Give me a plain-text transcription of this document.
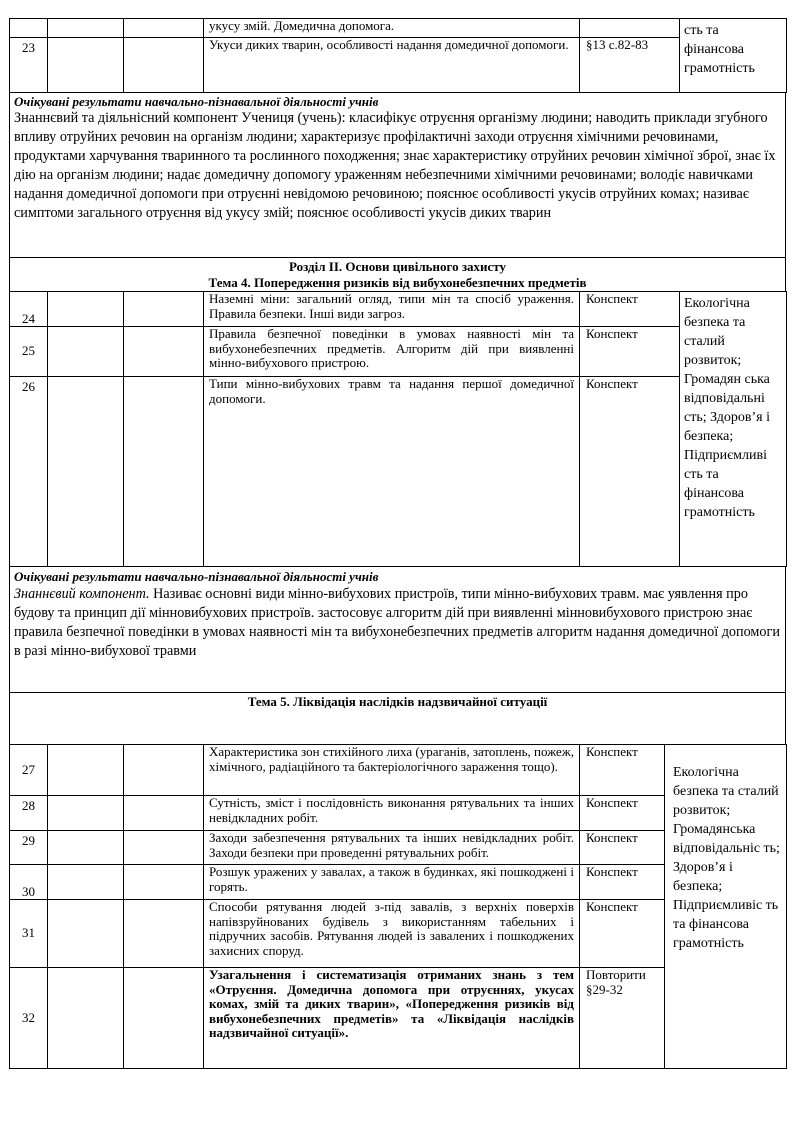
			укусу змій. Домедична допомога.		сть та фінансова грамотність
23			Укуси диких тварин, особливості надання домедичної допомоги.	§13 с.82-83	
Очікувані результати навчально-пізнавальної діяльності учнів
Знаннєвий та діяльнісний компонент Учениця (учень): класифікує отруєння організму людини; наводить приклади згубного впливу отруйних речовин на організм людини; характеризує профілактичні заходи отруєння хімічними речовинами, продуктами харчування тваринного та рослинного походження; знає характеристику отруйних речовин хімічної зброї, знає їх дію на організм людини; надає домедичну допомогу ураженням небезпечними хімічними речовинами; володіє навичками надання домедичної допомоги при отруєнні невідомою речовиною; пояснює особливості укусів отруйних комах; називає симптоми загального отруєння від укусу змій; пояснює особливості укусів диких тварин
Розділ II. Основи цивільного захисту
Тема 4. Попередження ризиків від вибухонебезпечних предметів
24			Наземні міни: загальний огляд, типи мін та спосіб ураження. Правила безпеки. Інші види загроз.	Конспект	Екологічна безпека та сталий розвиток; Громадян ська відповідальні сть; Здоров’я і безпека; Підприємливі сть та фінансова грамотність
25			Правила безпечної поведінки в умовах наявності мін та вибухонебезпечних предметів. Алгоритм дій при виявленні мінно-вибухового пристрою.	Конспект	
26			Типи мінно-вибухових травм та надання першої домедичної допомоги.	Конспект	
Очікувані результати навчально-пізнавальної діяльності учнів
Знаннєвий компонент. Називає основні види мінно-вибухових пристроїв, типи мінно-вибухових травм. має уявлення про будову та принцип дії мінновибухових пристроїв. застосовує алгоритм дій при виявленні мінновибухового пристрою знає правила безпечної поведінки в умовах наявності мін та вибухонебезпечних предметів алгоритм надання домедичної допомоги в разі мінно-вибухової травми
Тема 5. Ліквідація наслідків надзвичайної ситуації
27			Характеристика зон стихійного лиха (ураганів, затоплень, пожеж, хімічного, радіаційного та бактеріологічного зараження тощо).	Конспект	Екологічна безпека та сталий розвиток; Громадянська відповідальніс ть; Здоров’я і безпека; Підприємливіс ть та фінансова грамотність
28			Сутність, зміст і послідовність виконання рятувальних та інших невідкладних робіт.	Конспект	
29			Заходи забезпечення рятувальних та інших невідкладних робіт. Заходи безпеки при проведенні рятувальних робіт.	Конспект	
30			Розшук уражених у завалах, а також в будинках, які пошкоджені і горять.	Конспект	
31			Способи рятування людей з-під завалів, з верхніх поверхів напівзруйнованих будівель з використанням табельних і підручних засобів. Рятування людей із завалених і пошкоджених захисних споруд.	Конспект	
32			Узагальнення і систематизація отриманих знань з тем «Отруєння. Домедична допомога при отруєннях, укусах комах, змій та диких тварин», «Попередження ризиків від вибухонебезпечних предметів» та «Ліквідація наслідків надзвичайної ситуації».	Повторити §29-32	
